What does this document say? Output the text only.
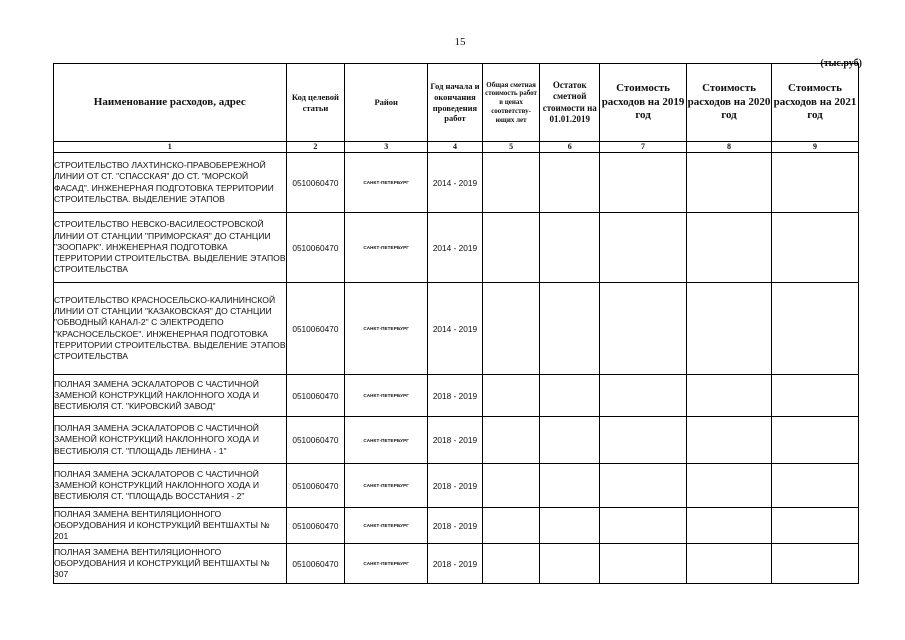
15
(тыс.руб)
Наименование расходов, адрес	Код целевой статьи	Район	Год начала и окончания проведения работ	Общая сметная стоимость работ в ценах соответству-ющих лет	Остаток сметной стоимости на 01.01.2019	Стоимость расходов на 2019 год	Стоимость расходов на 2020 год	Стоимость расходов на 2021 год
1	2	3	4	5	6	7	8	9
СТРОИТЕЛЬСТВО ЛАХТИНСКО-ПРАВОБЕРЕЖНОЙ ЛИНИИ ОТ СТ. "СПАССКАЯ" ДО СТ. "МОРСКОЙ ФАСАД". ИНЖЕНЕРНАЯ ПОДГОТОВКА ТЕРРИТОРИИ СТРОИТЕЛЬСТВА. ВЫДЕЛЕНИЕ ЭТАПОВ	0510060470	САНКТ-ПЕТЕРБУРГ	2014 - 2019					
СТРОИТЕЛЬСТВО НЕВСКО-ВАСИЛЕОСТРОВСКОЙ ЛИНИИ ОТ СТАНЦИИ "ПРИМОРСКАЯ" ДО СТАНЦИИ "ЗООПАРК". ИНЖЕНЕРНАЯ ПОДГОТОВКА ТЕРРИТОРИИ СТРОИТЕЛЬСТВА. ВЫДЕЛЕНИЕ ЭТАПОВ СТРОИТЕЛЬСТВА	0510060470	САНКТ-ПЕТЕРБУРГ	2014 - 2019					
СТРОИТЕЛЬСТВО КРАСНОСЕЛЬСКО-КАЛИНИНСКОЙ ЛИНИИ ОТ СТАНЦИИ "КАЗАКОВСКАЯ" ДО СТАНЦИИ "ОБВОДНЫЙ КАНАЛ-2" С ЭЛЕКТРОДЕПО "КРАСНОСЕЛЬСКОЕ". ИНЖЕНЕРНАЯ ПОДГОТОВКА ТЕРРИТОРИИ СТРОИТЕЛЬСТВА. ВЫДЕЛЕНИЕ ЭТАПОВ СТРОИТЕЛЬСТВА	0510060470	САНКТ-ПЕТЕРБУРГ	2014 - 2019					
ПОЛНАЯ ЗАМЕНА ЭСКАЛАТОРОВ С ЧАСТИЧНОЙ ЗАМЕНОЙ КОНСТРУКЦИЙ НАКЛОННОГО ХОДА И ВЕСТИБЮЛЯ СТ. "КИРОВСКИЙ ЗАВОД"	0510060470	САНКТ-ПЕТЕРБУРГ	2018 - 2019					
ПОЛНАЯ ЗАМЕНА ЭСКАЛАТОРОВ С ЧАСТИЧНОЙ ЗАМЕНОЙ КОНСТРУКЦИЙ НАКЛОННОГО ХОДА И ВЕСТИБЮЛЯ СТ. "ПЛОЩАДЬ ЛЕНИНА - 1"	0510060470	САНКТ-ПЕТЕРБУРГ	2018 - 2019					
ПОЛНАЯ ЗАМЕНА ЭСКАЛАТОРОВ С ЧАСТИЧНОЙ ЗАМЕНОЙ КОНСТРУКЦИЙ НАКЛОННОГО ХОДА И ВЕСТИБЮЛЯ СТ. "ПЛОЩАДЬ ВОССТАНИЯ - 2"	0510060470	САНКТ-ПЕТЕРБУРГ	2018 - 2019					
ПОЛНАЯ ЗАМЕНА ВЕНТИЛЯЦИОННОГО ОБОРУДОВАНИЯ И КОНСТРУКЦИЙ ВЕНТШАХТЫ № 201	0510060470	САНКТ-ПЕТЕРБУРГ	2018 - 2019					
ПОЛНАЯ ЗАМЕНА ВЕНТИЛЯЦИОННОГО ОБОРУДОВАНИЯ И КОНСТРУКЦИЙ ВЕНТШАХТЫ № 307	0510060470	САНКТ-ПЕТЕРБУРГ	2018 - 2019					
